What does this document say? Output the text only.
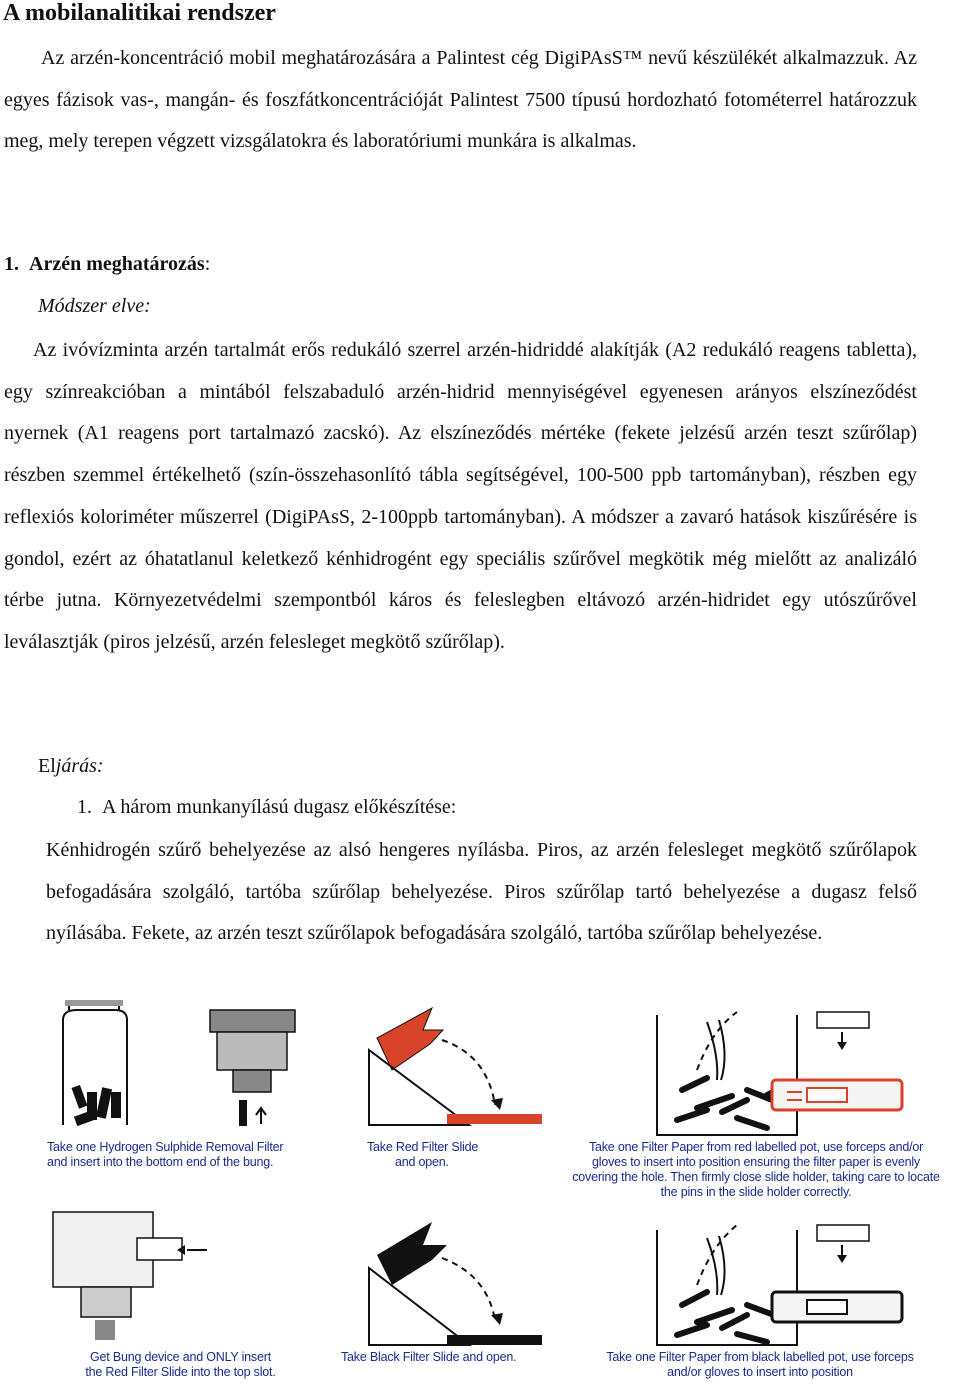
A mobilanalitikai rendszer

Az arzén-koncentráció mobil meghatározására a Palintest cég DigiPAsS™ nevű készülékét alkalmazzuk. Az egyes fázisok vas-, mangán- és foszfátkoncentrációját Palintest 7500 típusú hordozható fotométerrel határozzuk meg, mely terepen végzett vizsgálatokra és laboratóriumi munkára is alkalmas.

1. Arzén meghatározás:
Módszer elve:

Az ivóvízminta arzén tartalmát erős redukáló szerrel arzén-hidriddé alakítják (A2 redukáló reagens tabletta), egy színreakcióban a mintából felszabaduló arzén-hidrid mennyiségével egyenesen arányos elszíneződést nyernek (A1 reagens port tartalmazó zacskó). Az elszíneződés mértéke (fekete jelzésű arzén teszt szűrőlap) részben szemmel értékelhető (szín-összehasonlító tábla segítségével, 100-500 ppb tartományban), részben egy reflexiós koloriméter műszerrel (DigiPAsS, 2-100ppb tartományban). A módszer a zavaró hatások kiszűrésére is gondol, ezért az óhatatlanul keletkező kénhidrogént egy speciális szűrővel megkötik még mielőtt az analizáló térbe jutna. Környezetvédelmi szempontból káros és feleslegben eltávozó arzén-hidridet egy utószűrővel leválasztják (piros jelzésű, arzén felesleget megkötő szűrőlap).

Eljárás:
1. A három munkanyílású dugasz előkészítése:

Kénhidrogén szűrő behelyezése az alsó hengeres nyílásba. Piros, az arzén felesleget megkötő szűrőlapok befogadására szolgáló, tartóba szűrőlap behelyezése. Piros szűrőlap tartó behelyezése a dugasz felső nyílásába. Fekete, az arzén teszt szűrőlapok befogadására szolgáló, tartóba szűrőlap behelyezése.

Take one Hydrogen Sulphide Removal Filter
and insert into the bottom end of the bung.
Take Red Filter Slide
and open.
Take one Filter Paper from red labelled pot, use forceps and/or
gloves to insert into position ensuring the filter paper is evenly
covering the hole. Then firmly close slide holder, taking care to locate
the pins in the slide holder correctly.
Get Bung device and ONLY insert
the Red Filter Slide into the top slot.
Take Black Filter Slide and open.	Take one Filter Paper from black labelled pot, use forceps
and/or gloves to insert into position
